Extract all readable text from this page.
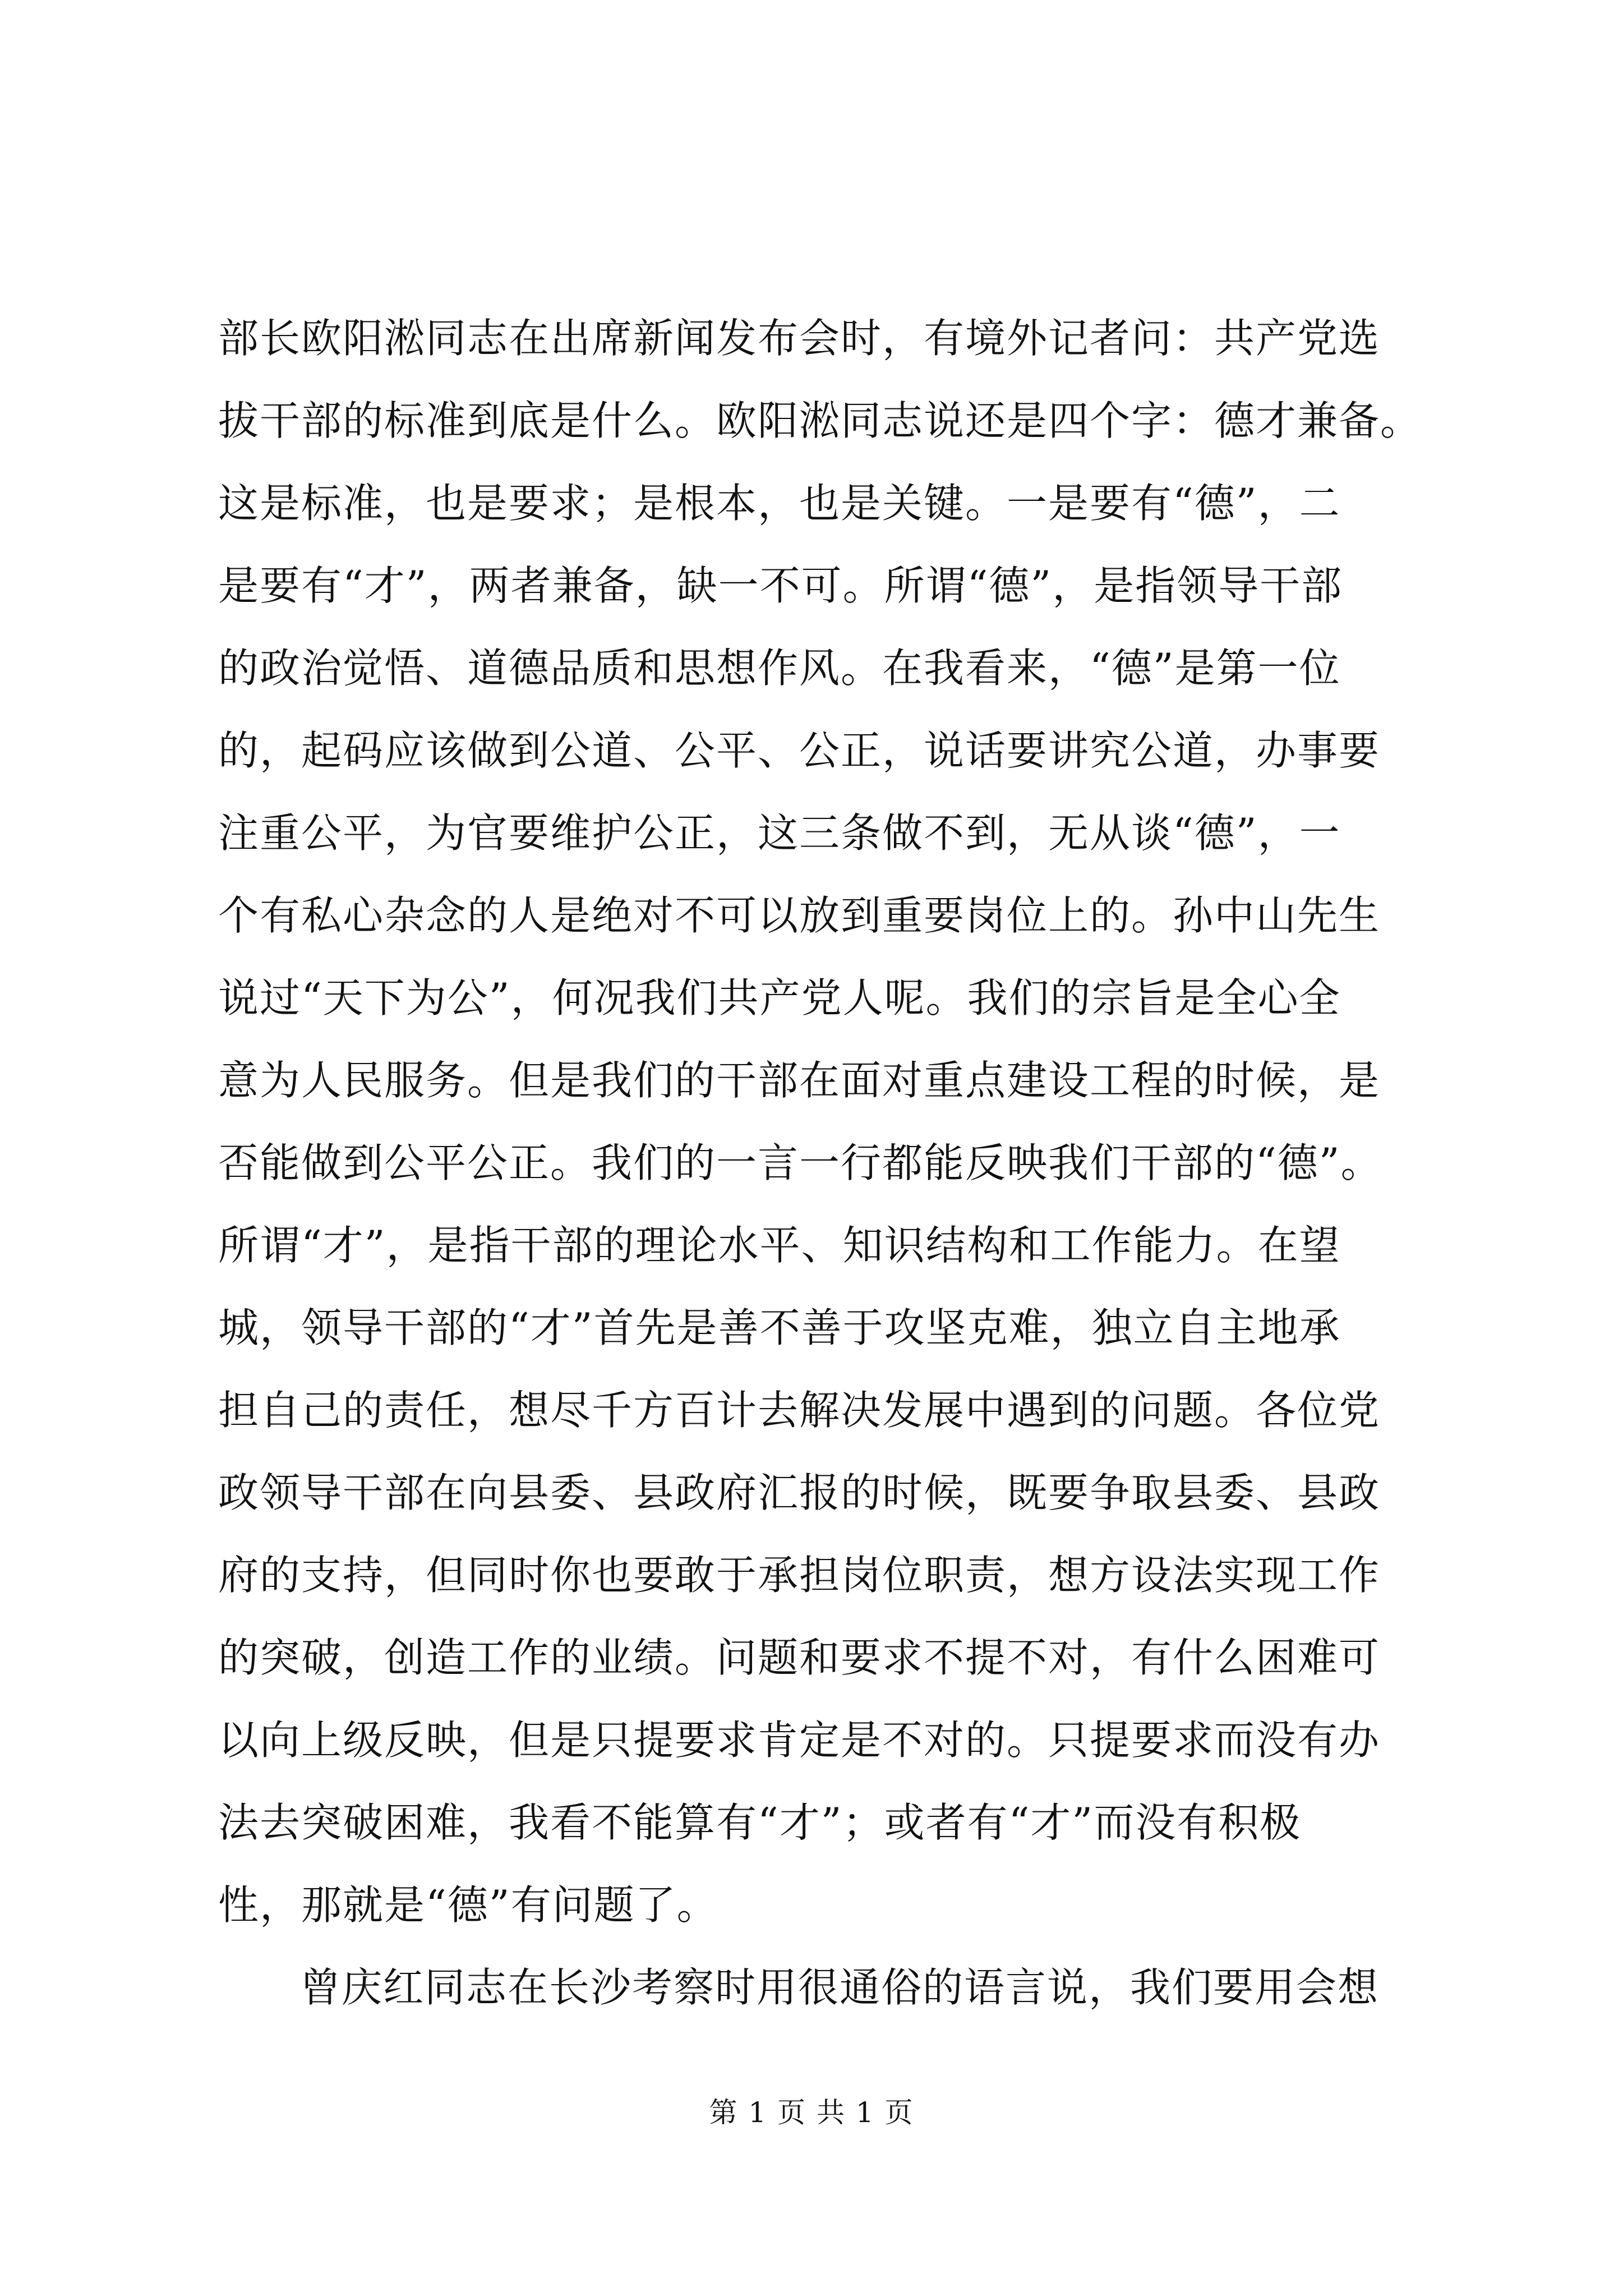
部长欧阳淞同志在出席新闻发布会时，有境外记者问：共产党选
拔干部的标准到底是什么。欧阳淞同志说还是四个字：德才兼备。
这是标准，也是要求；是根本，也是关键。一是要有“德”，二
是要有“才”，两者兼备，缺一不可。所谓“德”，是指领导干部
的政治觉悟、道德品质和思想作风。在我看来，“德”是第一位
的，起码应该做到公道、公平、公正，说话要讲究公道，办事要
注重公平，为官要维护公正，这三条做不到，无从谈“德”，一
个有私心杂念的人是绝对不可以放到重要岗位上的。孙中山先生
说过“天下为公”，何况我们共产党人呢。我们的宗旨是全心全
意为人民服务。但是我们的干部在面对重点建设工程的时候，是
否能做到公平公正。我们的一言一行都能反映我们干部的“德”。
所谓“才”，是指干部的理论水平、知识结构和工作能力。在望
城，领导干部的“才”首先是善不善于攻坚克难，独立自主地承
担自己的责任，想尽千方百计去解决发展中遇到的问题。各位党
政领导干部在向县委、县政府汇报的时候，既要争取县委、县政
府的支持，但同时你也要敢于承担岗位职责，想方设法实现工作
的突破，创造工作的业绩。问题和要求不提不对，有什么困难可
以向上级反映，但是只提要求肯定是不对的。只提要求而没有办
法去突破困难，我看不能算有“才”；或者有“才”而没有积极
性，那就是“德”有问题了。
曾庆红同志在长沙考察时用很通俗的语言说，我们要用会想
第 1 页 共 1 页
